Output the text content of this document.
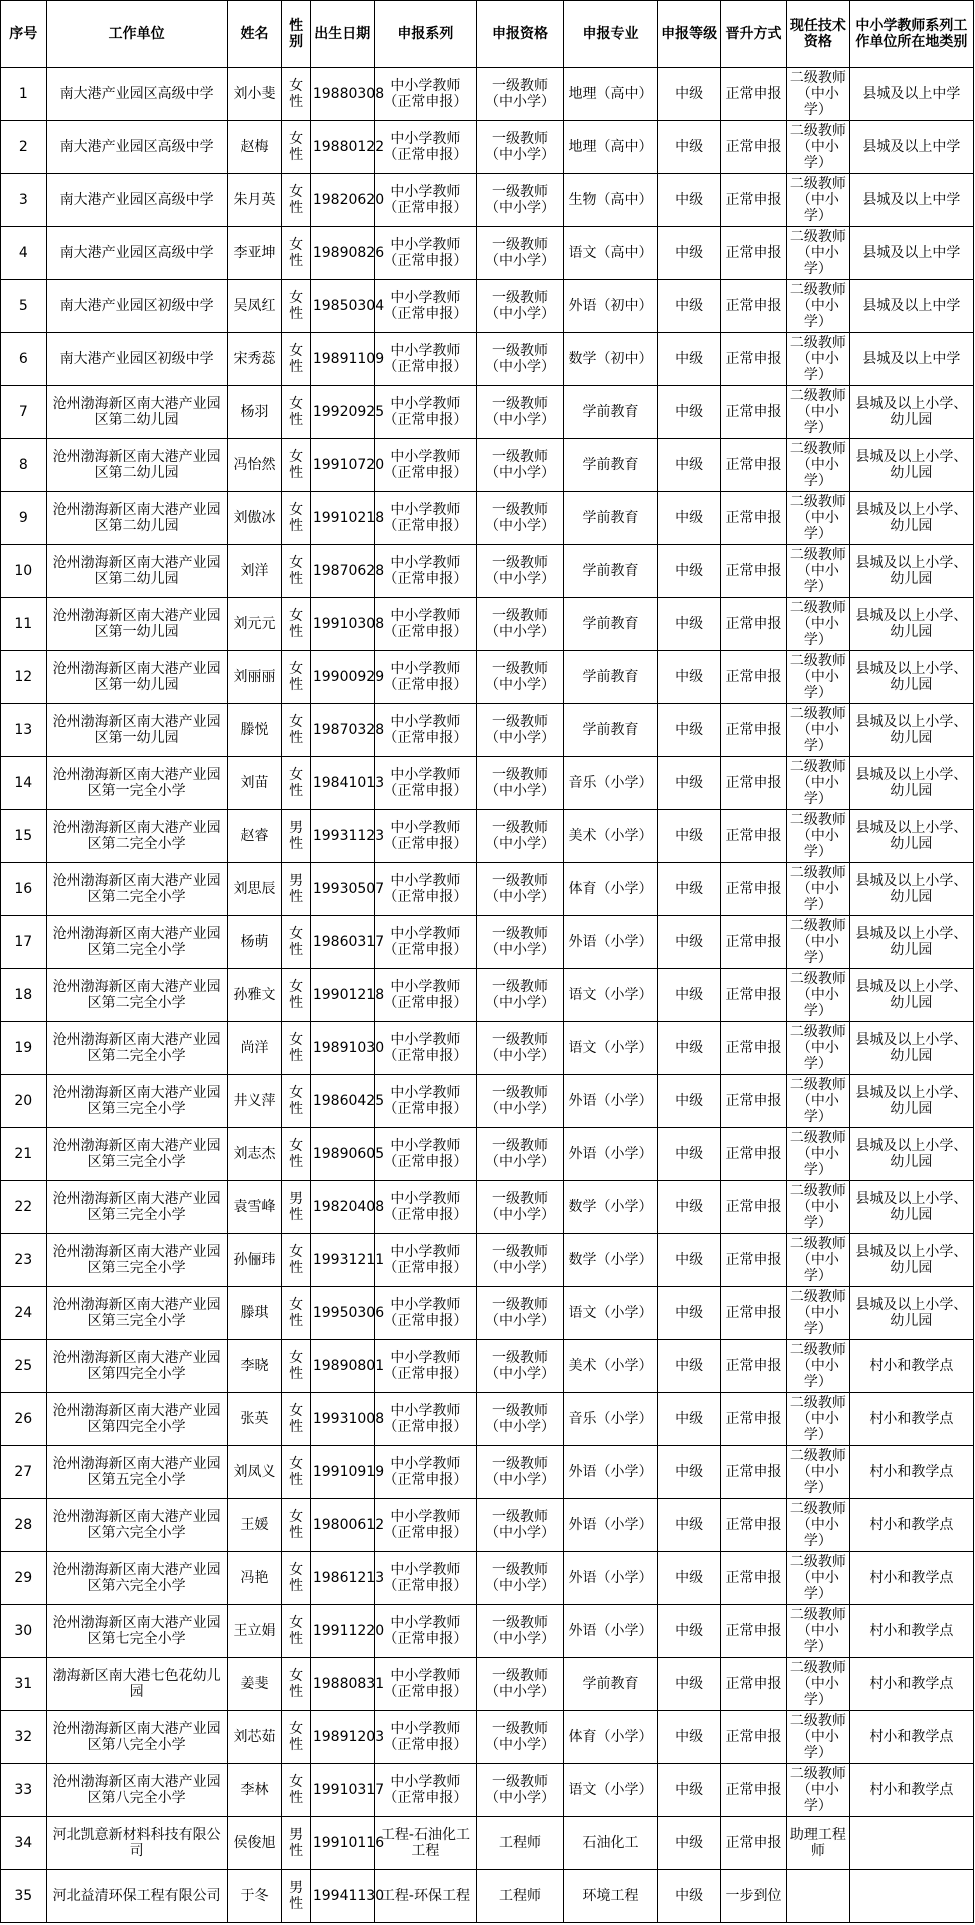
序号	工作单位	姓名	性别	出生日期	申报系列	申报资格	申报专业	申报等级	晋升方式	现任技术资格	中小学教师系列工作单位所在地类别
1	南大港产业园区高级中学	刘小斐	女性	19880308	中小学教师（正常申报）	一级教师（中小学）	地理（高中）	中级	正常申报	二级教师（中小学）	县城及以上中学
2	南大港产业园区高级中学	赵梅	女性	19880122	中小学教师（正常申报）	一级教师（中小学）	地理（高中）	中级	正常申报	二级教师（中小学）	县城及以上中学
3	南大港产业园区高级中学	朱月英	女性	19820620	中小学教师（正常申报）	一级教师（中小学）	生物（高中）	中级	正常申报	二级教师（中小学）	县城及以上中学
4	南大港产业园区高级中学	李亚坤	女性	19890826	中小学教师（正常申报）	一级教师（中小学）	语文（高中）	中级	正常申报	二级教师（中小学）	县城及以上中学
5	南大港产业园区初级中学	吴凤红	女性	19850304	中小学教师（正常申报）	一级教师（中小学）	外语（初中）	中级	正常申报	二级教师（中小学）	县城及以上中学
6	南大港产业园区初级中学	宋秀蕊	女性	19891109	中小学教师（正常申报）	一级教师（中小学）	数学（初中）	中级	正常申报	二级教师（中小学）	县城及以上中学
7	沧州渤海新区南大港产业园区第二幼儿园	杨羽	女性	19920925	中小学教师（正常申报）	一级教师（中小学）	学前教育	中级	正常申报	二级教师（中小学）	县城及以上小学、幼儿园
8	沧州渤海新区南大港产业园区第二幼儿园	冯怡然	女性	19910720	中小学教师（正常申报）	一级教师（中小学）	学前教育	中级	正常申报	二级教师（中小学）	县城及以上小学、幼儿园
9	沧州渤海新区南大港产业园区第二幼儿园	刘傲冰	女性	19910218	中小学教师（正常申报）	一级教师（中小学）	学前教育	中级	正常申报	二级教师（中小学）	县城及以上小学、幼儿园
10	沧州渤海新区南大港产业园区第二幼儿园	刘洋	女性	19870628	中小学教师（正常申报）	一级教师（中小学）	学前教育	中级	正常申报	二级教师（中小学）	县城及以上小学、幼儿园
11	沧州渤海新区南大港产业园区第一幼儿园	刘元元	女性	19910308	中小学教师（正常申报）	一级教师（中小学）	学前教育	中级	正常申报	二级教师（中小学）	县城及以上小学、幼儿园
12	沧州渤海新区南大港产业园区第一幼儿园	刘丽丽	女性	19900929	中小学教师（正常申报）	一级教师（中小学）	学前教育	中级	正常申报	二级教师（中小学）	县城及以上小学、幼儿园
13	沧州渤海新区南大港产业园区第一幼儿园	滕悦	女性	19870328	中小学教师（正常申报）	一级教师（中小学）	学前教育	中级	正常申报	二级教师（中小学）	县城及以上小学、幼儿园
14	沧州渤海新区南大港产业园区第一完全小学	刘苗	女性	19841013	中小学教师（正常申报）	一级教师（中小学）	音乐（小学）	中级	正常申报	二级教师（中小学）	县城及以上小学、幼儿园
15	沧州渤海新区南大港产业园区第二完全小学	赵睿	男性	19931123	中小学教师（正常申报）	一级教师（中小学）	美术（小学）	中级	正常申报	二级教师（中小学）	县城及以上小学、幼儿园
16	沧州渤海新区南大港产业园区第二完全小学	刘思辰	男性	19930507	中小学教师（正常申报）	一级教师（中小学）	体育（小学）	中级	正常申报	二级教师（中小学）	县城及以上小学、幼儿园
17	沧州渤海新区南大港产业园区第二完全小学	杨萌	女性	19860317	中小学教师（正常申报）	一级教师（中小学）	外语（小学）	中级	正常申报	二级教师（中小学）	县城及以上小学、幼儿园
18	沧州渤海新区南大港产业园区第二完全小学	孙雅文	女性	19901218	中小学教师（正常申报）	一级教师（中小学）	语文（小学）	中级	正常申报	二级教师（中小学）	县城及以上小学、幼儿园
19	沧州渤海新区南大港产业园区第二完全小学	尚洋	女性	19891030	中小学教师（正常申报）	一级教师（中小学）	语文（小学）	中级	正常申报	二级教师（中小学）	县城及以上小学、幼儿园
20	沧州渤海新区南大港产业园区第三完全小学	井义萍	女性	19860425	中小学教师（正常申报）	一级教师（中小学）	外语（小学）	中级	正常申报	二级教师（中小学）	县城及以上小学、幼儿园
21	沧州渤海新区南大港产业园区第三完全小学	刘志杰	女性	19890605	中小学教师（正常申报）	一级教师（中小学）	外语（小学）	中级	正常申报	二级教师（中小学）	县城及以上小学、幼儿园
22	沧州渤海新区南大港产业园区第三完全小学	袁雪峰	男性	19820408	中小学教师（正常申报）	一级教师（中小学）	数学（小学）	中级	正常申报	二级教师（中小学）	县城及以上小学、幼儿园
23	沧州渤海新区南大港产业园区第三完全小学	孙俪玮	女性	19931211	中小学教师（正常申报）	一级教师（中小学）	数学（小学）	中级	正常申报	二级教师（中小学）	县城及以上小学、幼儿园
24	沧州渤海新区南大港产业园区第三完全小学	滕琪	女性	19950306	中小学教师（正常申报）	一级教师（中小学）	语文（小学）	中级	正常申报	二级教师（中小学）	县城及以上小学、幼儿园
25	沧州渤海新区南大港产业园区第四完全小学	李晓	女性	19890801	中小学教师（正常申报）	一级教师（中小学）	美术（小学）	中级	正常申报	二级教师（中小学）	村小和教学点
26	沧州渤海新区南大港产业园区第四完全小学	张英	女性	19931008	中小学教师（正常申报）	一级教师（中小学）	音乐（小学）	中级	正常申报	二级教师（中小学）	村小和教学点
27	沧州渤海新区南大港产业园区第五完全小学	刘凤义	女性	19910919	中小学教师（正常申报）	一级教师（中小学）	外语（小学）	中级	正常申报	二级教师（中小学）	村小和教学点
28	沧州渤海新区南大港产业园区第六完全小学	王媛	女性	19800612	中小学教师（正常申报）	一级教师（中小学）	外语（小学）	中级	正常申报	二级教师（中小学）	村小和教学点
29	沧州渤海新区南大港产业园区第六完全小学	冯艳	女性	19861213	中小学教师（正常申报）	一级教师（中小学）	外语（小学）	中级	正常申报	二级教师（中小学）	村小和教学点
30	沧州渤海新区南大港产业园区第七完全小学	王立娟	女性	19911220	中小学教师（正常申报）	一级教师（中小学）	外语（小学）	中级	正常申报	二级教师（中小学）	村小和教学点
31	渤海新区南大港七色花幼儿园	姜斐	女性	19880831	中小学教师（正常申报）	一级教师（中小学）	学前教育	中级	正常申报	二级教师（中小学）	村小和教学点
32	沧州渤海新区南大港产业园区第八完全小学	刘芯茹	女性	19891203	中小学教师（正常申报）	一级教师（中小学）	体育（小学）	中级	正常申报	二级教师（中小学）	村小和教学点
33	沧州渤海新区南大港产业园区第八完全小学	李林	女性	19910317	中小学教师（正常申报）	一级教师（中小学）	语文（小学）	中级	正常申报	二级教师（中小学）	村小和教学点
34	河北凯意新材料科技有限公司	侯俊旭	男性	19910116	工程-石油化工工程	工程师	石油化工	中级	正常申报	助理工程师	
35	河北益清环保工程有限公司	于冬	男性	19941130	工程-环保工程	工程师	环境工程	中级	一步到位		
